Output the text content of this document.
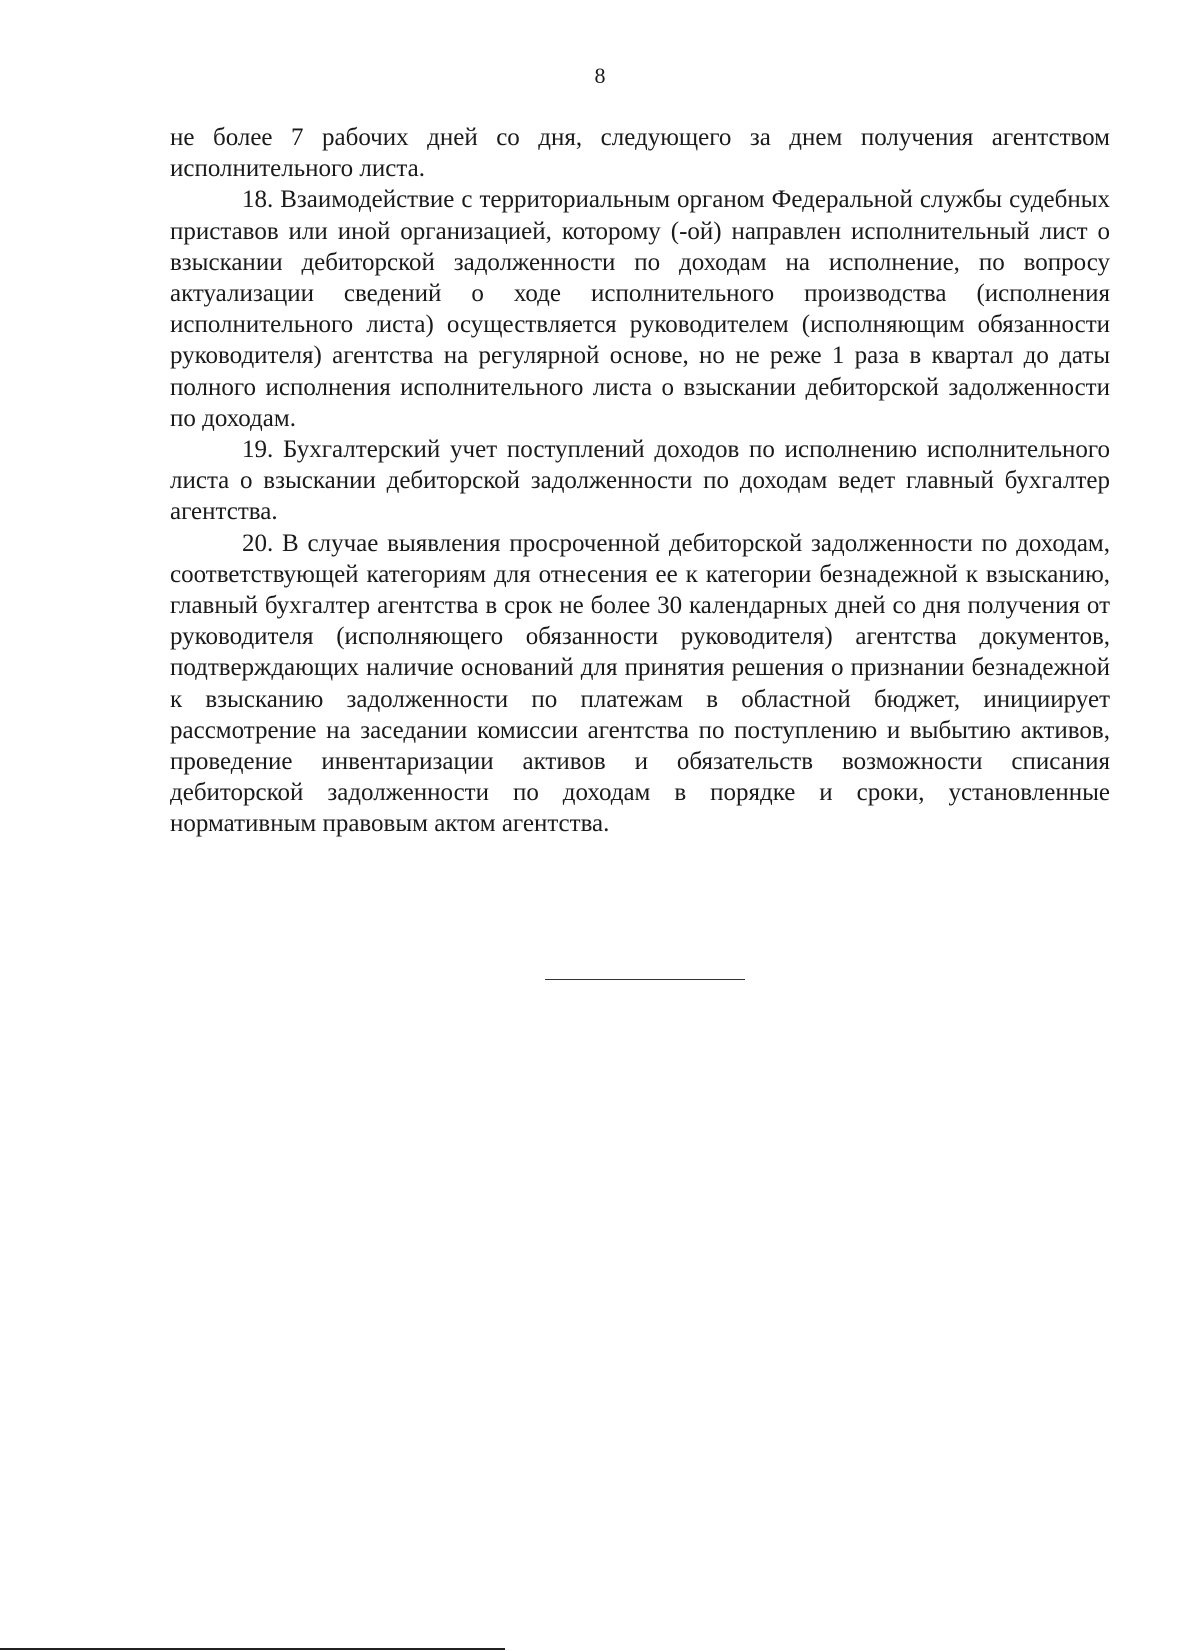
8

не более 7 рабочих дней со дня, следующего за днем получения агентством исполнительного листа.

18. Взаимодействие с территориальным органом Федеральной службы судебных приставов или иной организацией, которому (-ой) направлен исполнительный лист о взыскании дебиторской задолженности по доходам на исполнение, по вопросу актуализации сведений о ходе исполнительного производства (исполнения исполнительного листа) осуществляется руководителем (исполняющим обязанности руководителя) агентства на регулярной основе, но не реже 1 раза в квартал до даты полного исполнения исполнительного листа о взыскании дебиторской задолженности по доходам.

19. Бухгалтерский учет поступлений доходов по исполнению исполнительного листа о взыскании дебиторской задолженности по доходам ведет главный бухгалтер агентства.

20. В случае выявления просроченной дебиторской задолженности по доходам, соответствующей категориям для отнесения ее к категории безнадежной к взысканию, главный бухгалтер агентства в срок не более 30 календарных дней со дня получения от руководителя (исполняющего обязанности руководителя) агентства документов, подтверждающих наличие оснований для принятия решения о признании безнадежной к взысканию задолженности по платежам в областной бюджет, инициирует рассмотрение на заседании комиссии агентства по поступлению и выбытию активов, проведение инвентаризации активов и обязательств возможности списания дебиторской задолженности по доходам в порядке и сроки, установленные нормативным правовым актом агентства.
